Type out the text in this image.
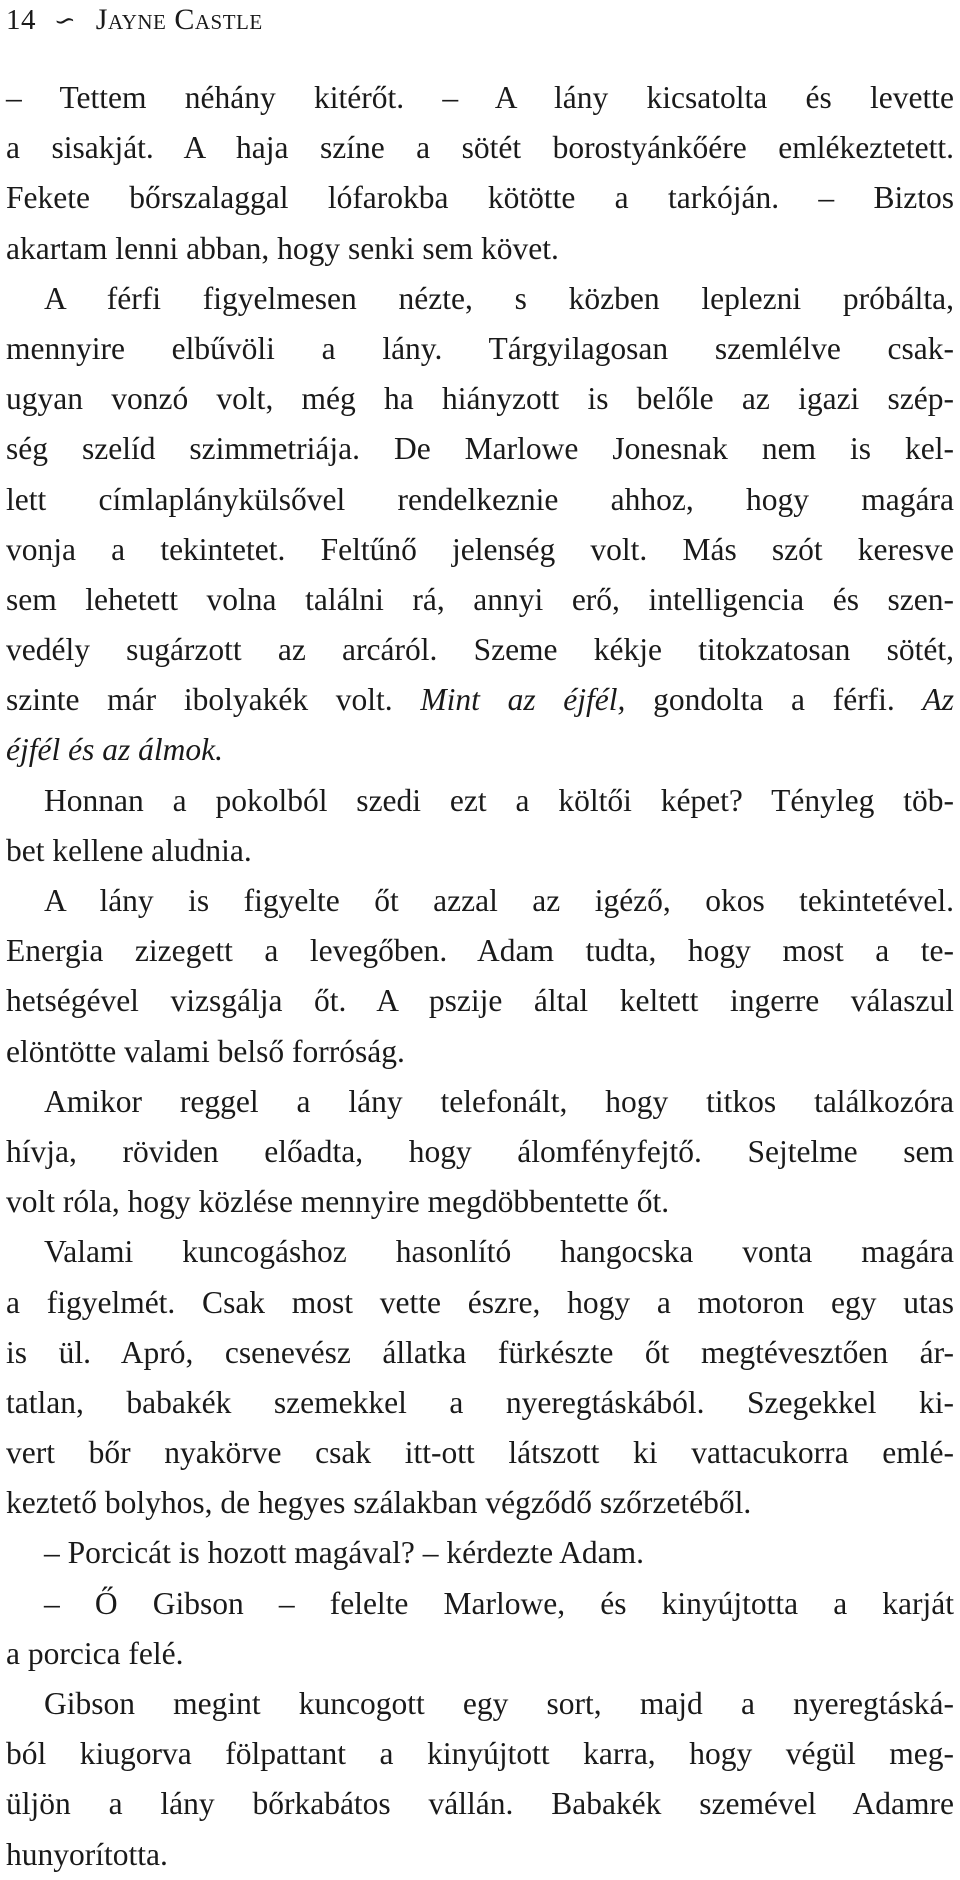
14 ∽ Jayne Castle
– Tettem néhány kitérőt. – A lány kicsatolta és levette
a sisakját. A haja színe a sötét borostyánkőére emlékeztetett.
Fekete bőrszalaggal lófarokba kötötte a tarkóján. – Biztos
akartam lenni abban, hogy senki sem követ.
A férfi figyelmesen nézte, s közben leplezni próbálta,
mennyire elbűvöli a lány. Tárgyilagosan szemlélve csak-
ugyan vonzó volt, még ha hiányzott is belőle az igazi szép-
ség szelíd szimmetriája. De Marlowe Jonesnak nem is kel-
lett címlaplánykülsővel rendelkeznie ahhoz, hogy magára
vonja a tekintetet. Feltűnő jelenség volt. Más szót keresve
sem lehetett volna találni rá, annyi erő, intelligencia és szen-
vedély sugárzott az arcáról. Szeme kékje titokzatosan sötét,
szinte már ibolyakék volt. Mint az éjfél, gondolta a férfi. Az
éjfél és az álmok.
Honnan a pokolból szedi ezt a költői képet? Tényleg töb-
bet kellene aludnia.
A lány is figyelte őt azzal az igéző, okos tekintetével.
Energia zizegett a levegőben. Adam tudta, hogy most a te-
hetségével vizsgálja őt. A pszije által keltett ingerre válaszul
elöntötte valami belső forróság.
Amikor reggel a lány telefonált, hogy titkos találkozóra
hívja, röviden előadta, hogy álomfényfejtő. Sejtelme sem
volt róla, hogy közlése mennyire megdöbbentette őt.
Valami kuncogáshoz hasonlító hangocska vonta magára
a figyelmét. Csak most vette észre, hogy a motoron egy utas
is ül. Apró, csenevész állatka fürkészte őt megtévesztően ár-
tatlan, babakék szemekkel a nyeregtáskából. Szegekkel ki-
vert bőr nyakörve csak itt-ott látszott ki vattacukorra emlé-
keztető bolyhos, de hegyes szálakban végződő szőrzetéből.
– Porcicát is hozott magával? – kérdezte Adam.
– Ő Gibson – felelte Marlowe, és kinyújtotta a karját
a porcica felé.
Gibson megint kuncogott egy sort, majd a nyeregtáská-
ból kiugorva fölpattant a kinyújtott karra, hogy végül meg-
üljön a lány bőrkabátos vállán. Babakék szemével Adamre
hunyorította.
